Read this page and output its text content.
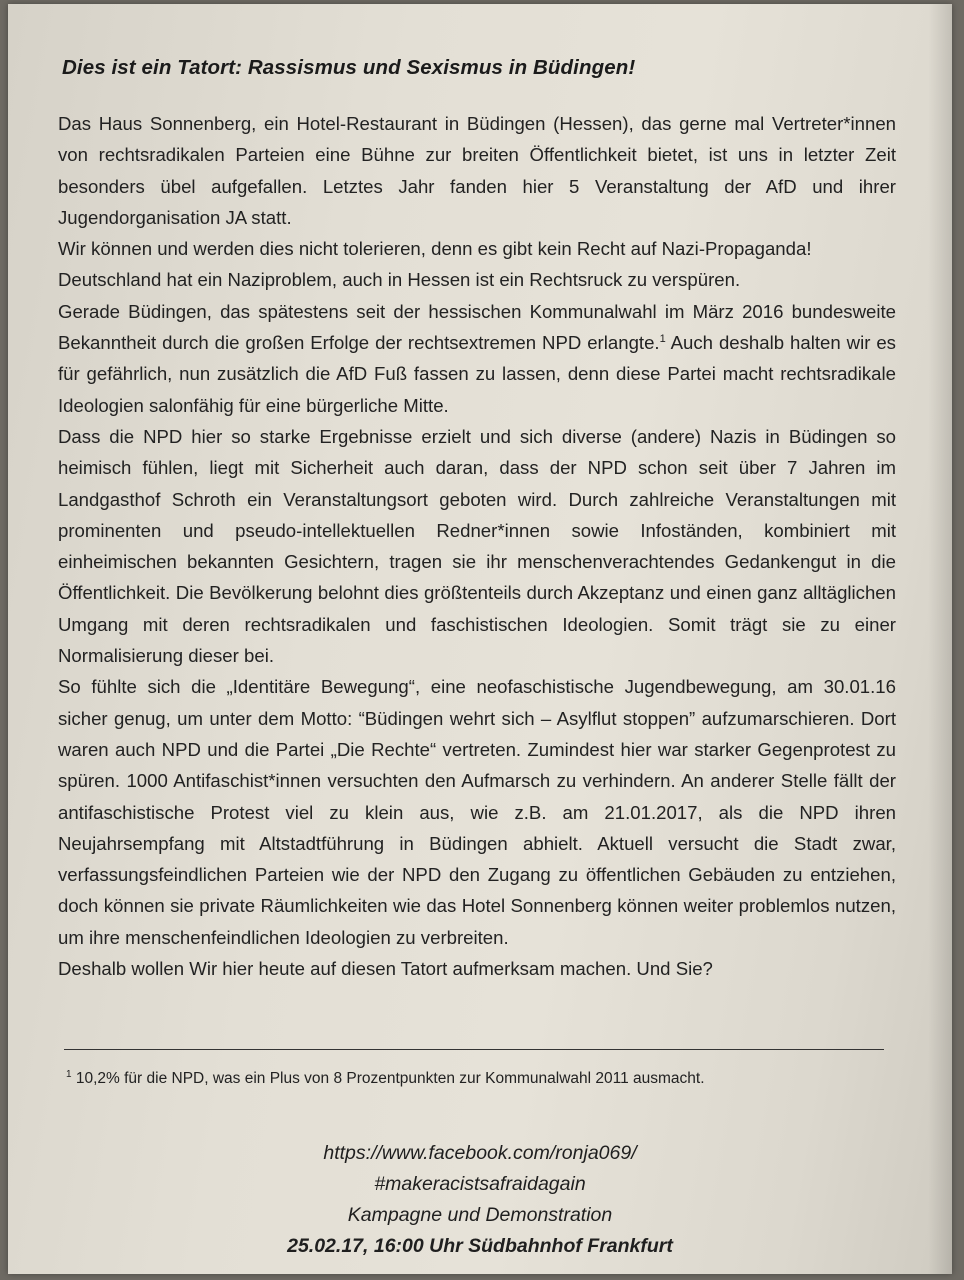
Dies ist ein Tatort: Rassismus und Sexismus in Büdingen!

Das Haus Sonnenberg, ein Hotel-Restaurant in Büdingen (Hessen), das gerne mal Vertreter*innen von rechtsradikalen Parteien eine Bühne zur breiten Öffentlichkeit bietet, ist uns in letzter Zeit besonders übel aufgefallen. Letztes Jahr fanden hier 5 Veranstaltung der AfD und ihrer Jugendorganisation JA statt.

Wir können und werden dies nicht tolerieren, denn es gibt kein Recht auf Nazi-Propaganda! Deutschland hat ein Naziproblem, auch in Hessen ist ein Rechtsruck zu verspüren.

Gerade Büdingen, das spätestens seit der hessischen Kommunalwahl im März 2016 bundesweite Bekanntheit durch die großen Erfolge der rechtsextremen NPD erlangte.$^1$ Auch deshalb halten wir es für gefährlich, nun zusätzlich die AfD Fuß fassen zu lassen, denn diese Partei macht rechtsradikale Ideologien salonfähig für eine bürgerliche Mitte.

Dass die NPD hier so starke Ergebnisse erzielt und sich diverse (andere) Nazis in Büdingen so heimisch fühlen, liegt mit Sicherheit auch daran, dass der NPD schon seit über 7 Jahren im Landgasthof Schroth ein Veranstaltungsort geboten wird. Durch zahlreiche Veranstaltungen mit prominenten und pseudo-intellektuellen Redner*innen sowie Infoständen, kombiniert mit einheimischen bekannten Gesichtern, tragen sie ihr menschenverachtendes Gedankengut in die Öffentlichkeit. Die Bevölkerung belohnt dies größtenteils durch Akzeptanz und einen ganz alltäglichen Umgang mit deren rechtsradikalen und faschistischen Ideologien. Somit trägt sie zu einer Normalisierung dieser bei.

So fühlte sich die „Identitäre Bewegung“, eine neofaschistische Jugendbewegung, am 30.01.16 sicher genug, um unter dem Motto: “Büdingen wehrt sich – Asylflut stoppen” aufzumarschieren. Dort waren auch NPD und die Partei „Die Rechte“ vertreten. Zumindest hier war starker Gegenprotest zu spüren. 1000 Antifaschist*innen versuchten den Aufmarsch zu verhindern. An anderer Stelle fällt der antifaschistische Protest viel zu klein aus, wie z.B. am 21.01.2017, als die NPD ihren Neujahrsempfang mit Altstadtführung in Büdingen abhielt. Aktuell versucht die Stadt zwar, verfassungsfeindlichen Parteien wie der NPD den Zugang zu öffentlichen Gebäuden zu entziehen, doch können sie private Räumlichkeiten wie das Hotel Sonnenberg können weiter problemlos nutzen, um ihre menschenfeindlichen Ideologien zu verbreiten.

Deshalb wollen Wir hier heute auf diesen Tatort aufmerksam machen. Und Sie?

$^1$ 10,2% für die NPD, was ein Plus von 8 Prozentpunkten zur Kommunalwahl 2011 ausmacht.

https://www.facebook.com/ronja069/
#makeracistsafraidagain
Kampagne und Demonstration
25.02.17, 16:00 Uhr Südbahnhof Frankfurt
